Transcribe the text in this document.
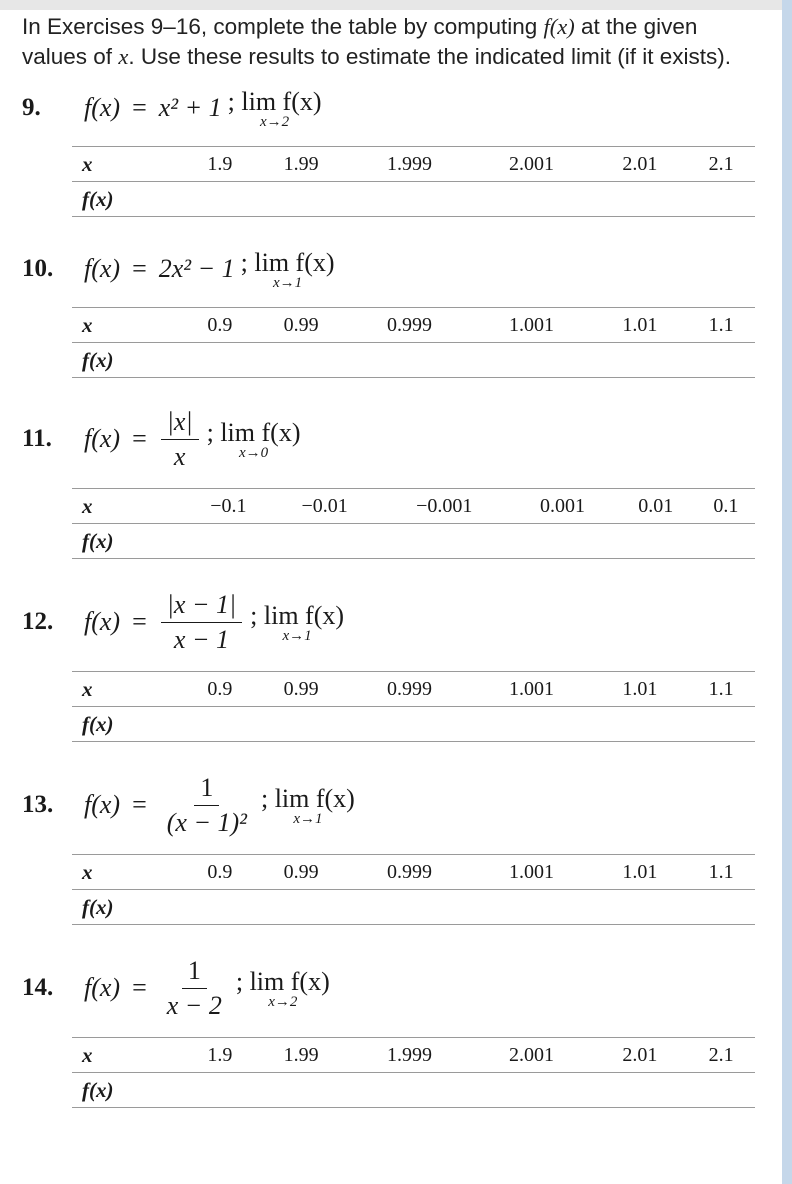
In Exercises 9–16, complete the table by computing f(x) at the given values of x. Use these results to estimate the indicated limit (if it exists).

9.	f(x) = x² + 1 ; lim f(x)
x→2
x	1.9	1.99	1.999	2.001	2.01	2.1
f(x)						
10.	f(x) = 2x² − 1 ; lim f(x)
x→1
x	0.9	0.99	0.999	1.001	1.01	1.1
f(x)						
11.	$f(x) = \frac{|x|}{x}$ ; lim f(x)
x→0
x	−0.1	−0.01	−0.001	0.001	0.01	0.1
f(x)						
12.	$f(x) = \frac{|x - 1|}{x - 1}$ ; lim f(x)
x→1
x	0.9	0.99	0.999	1.001	1.01	1.1
f(x)						
13.	$f(x) = \frac{1}{\text{(x − 1)²}}$ ; lim f(x)
x→1
x	0.9	0.99	0.999	1.001	1.01	1.1
f(x)						
14.	$f(x) = \frac{1}{x - 2}$ ; lim f(x)
x→2
x	1.9	1.99	1.999	2.001	2.01	2.1
f(x)						
